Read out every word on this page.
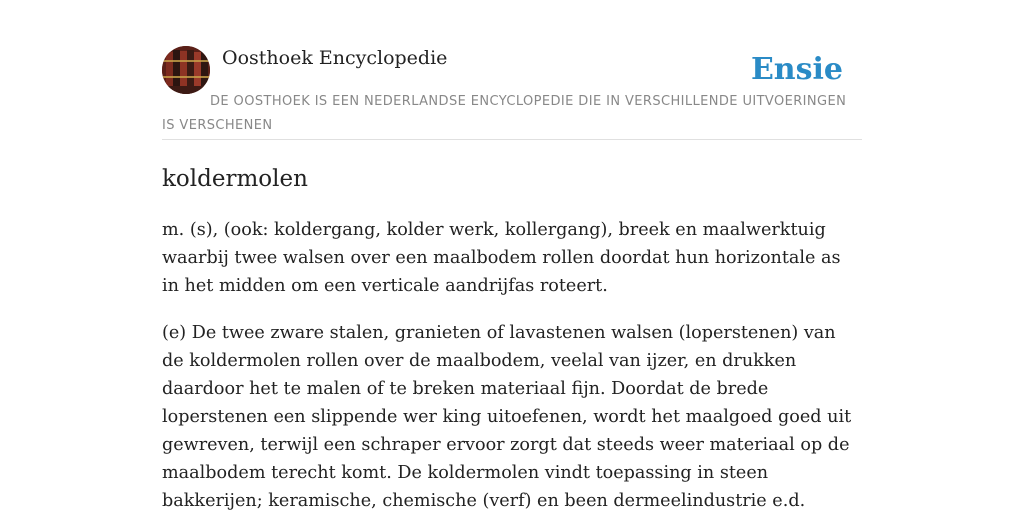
Oosthoek Encyclopedie	Ensie
DE OOSTHOEK IS EEN NEDERLANDSE ENCYCLOPEDIE DIE IN VERSCHILLENDE UITVOERINGEN IS VERSCHENEN
koldermolen

m. (s), (ook: koldergang, kolder werk, kollergang), breek en maalwerktuig waarbij twee walsen over een maalbodem rollen doordat hun horizontale as in het midden om een verticale aandrijfas roteert.

(e) De twee zware stalen, granieten of lavastenen walsen (loperstenen) van de koldermolen rollen over de maalbodem, veelal van ijzer, en drukken daardoor het te malen of te breken materiaal fijn. Doordat de brede loperstenen een slippende wer king uitoefenen, wordt het maalgoed goed uit gewreven, terwijl een schraper ervoor zorgt dat steeds weer materiaal op de maalbodem terecht komt. De koldermolen vindt toepassing in steen bakkerijen; keramische, chemische (verf) en been dermeelindustrie e.d.
